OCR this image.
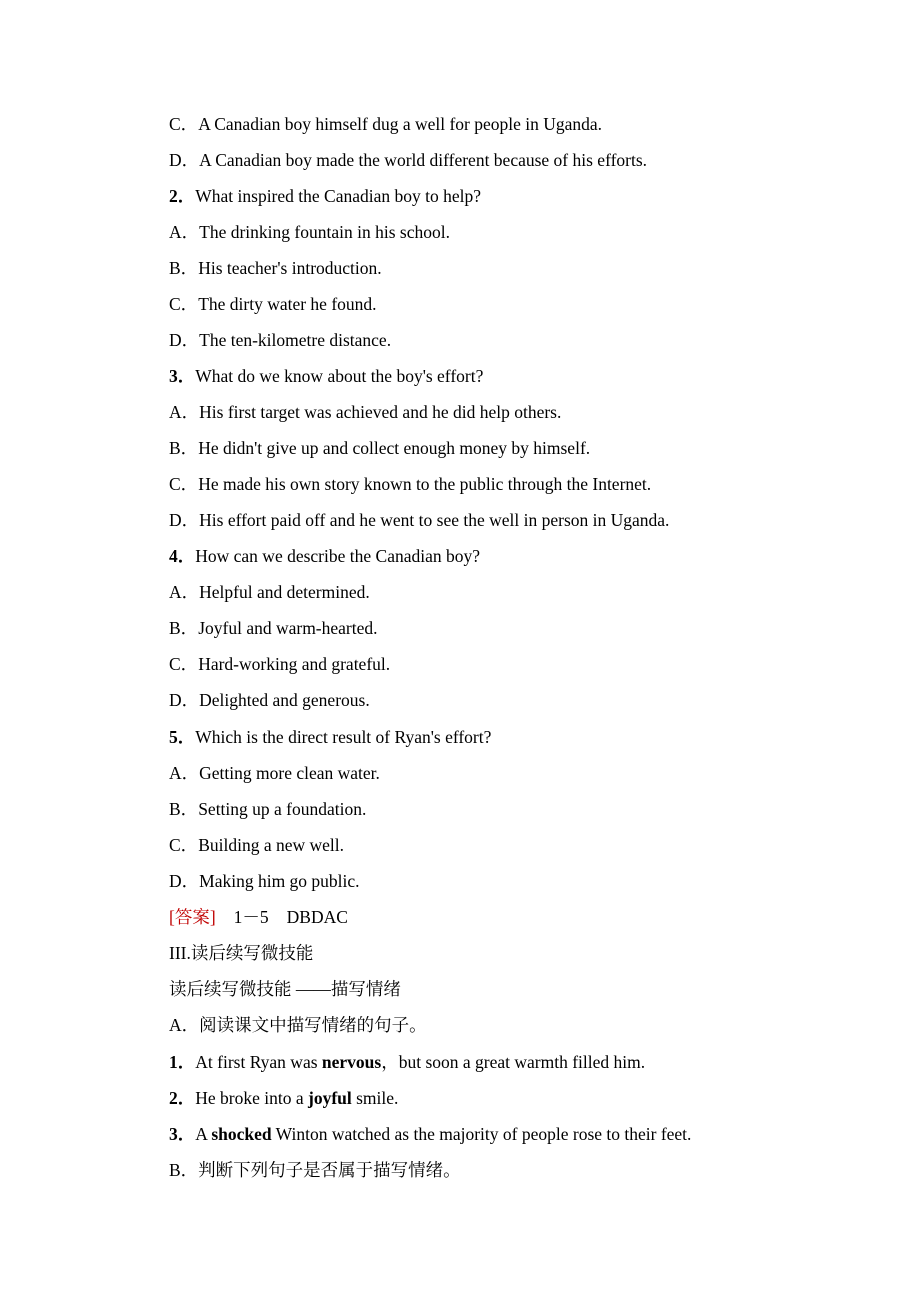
C．A Canadian boy himself dug a well for people in Uganda.
D．A Canadian boy made the world different because of his efforts.
2．What inspired the Canadian boy to help?
A．The drinking fountain in his school.
B．His teacher's introduction.
C．The dirty water he found.
D．The ten‐kilometre distance.
3．What do we know about the boy's effort?
A．His first target was achieved and he did help others.
B．He didn't give up and collect enough money by himself.
C．He made his own story known to the public through the Internet.
D．His effort paid off and he went to see the well in person in Uganda.
4．How can we describe the Canadian boy?
A．Helpful and determined.
B．Joyful and warm‐hearted.
C．Hard‐working and grateful.
D．Delighted and generous.
5．Which is the direct result of Ryan's effort?
A．Getting more clean water.
B．Setting up a foundation.
C．Building a new well.
D．Making him go public.
[答案] 1－5 DBDAC
III.读后续写微技能
读后续写微技能 ——描写情绪
A．阅读课文中描写情绪的句子。
1．At first Ryan was nervous，but soon a great warmth filled him.
2．He broke into a joyful smile.
3．A shocked Winton watched as the majority of people rose to their feet.
B．判断下列句子是否属于描写情绪。
